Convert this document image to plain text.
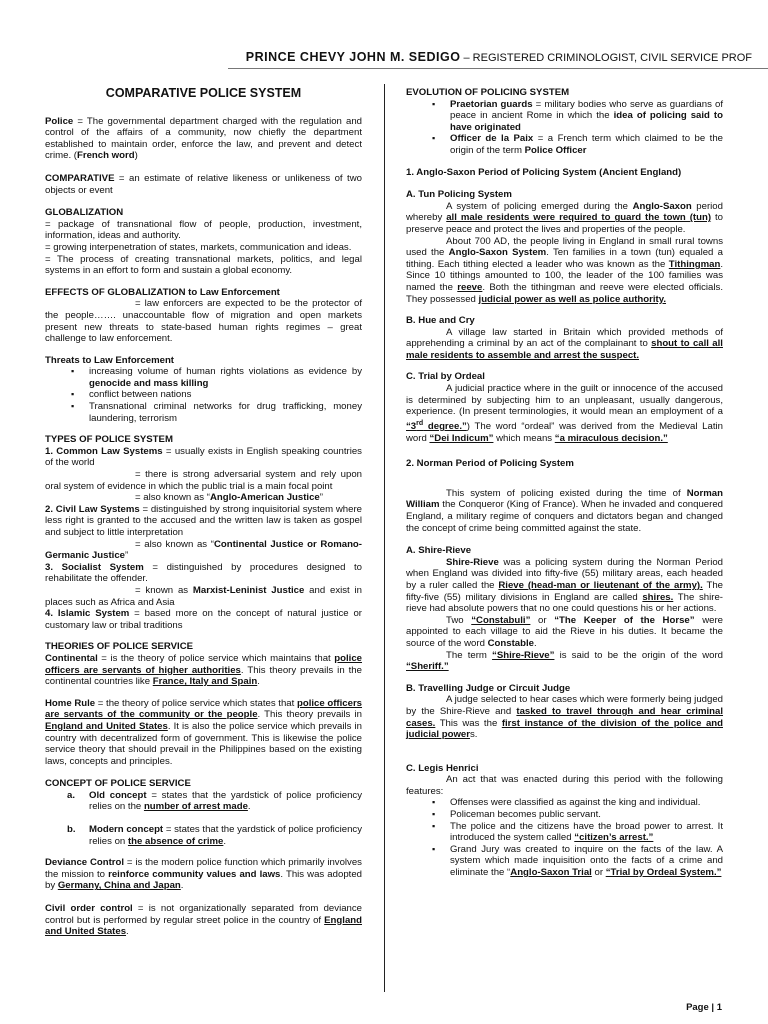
PRINCE CHEVY JOHN M. SEDIGO – REGISTERED CRIMINOLOGIST, CIVIL SERVICE PROF
COMPARATIVE POLICE SYSTEM

Police = The governmental department charged with the regulation and control of the affairs of a community, now chiefly the department established to maintain order, enforce the law, and prevent and detect crime. (French word)

COMPARATIVE = an estimate of relative likeness or unlikeness of two objects or event

GLOBALIZATION
= package of transnational flow of people, production, investment, information, ideas and authority.
= growing interpenetration of states, markets, communication and ideas.
= The process of creating transnational markets, politics, and legal systems in an effort to form and sustain a global economy.
EFFECTS OF GLOBALIZATION to Law Enforcement
= law enforcers are expected to be the protector of the people……. unaccountable flow of migration and open markets present new threats to state-based human rights regimes – great challenge to law enforcement.
Threats to Law Enforcement
▪ increasing volume of human rights violations as evidence by genocide and mass killing
▪ conflict between nations
▪ Transnational criminal networks for drug trafficking, money laundering, terrorism
TYPES OF POLICE SYSTEM
1. Common Law Systems = usually exists in English speaking countries of the world
= there is strong adversarial system and rely upon oral system of evidence in which the public trial is a main focal point
= also known as “Anglo-American Justice”
2. Civil Law Systems = distinguished by strong inquisitorial system where less right is granted to the accused and the written law is taken as gospel and subject to little interpretation
= also known as “Continental Justice or Romano-Germanic Justice”
3. Socialist System = distinguished by procedures designed to rehabilitate the offender.
= known as Marxist-Leninist Justice and exist in places such as Africa and Asia
4. Islamic System = based more on the concept of natural justice or customary law or tribal traditions
THEORIES OF POLICE SERVICE
Continental = is the theory of police service which maintains that police officers are servants of higher authorities. This theory prevails in the continental countries like France, Italy and Spain.

Home Rule = the theory of police service which states that police officers are servants of the community or the people. This theory prevails in England and United States. It is also the police service which prevails in country with decentralized form of government. This is likewise the police service theory that should prevail in the Philippines based on the existing laws, concepts and principles.

CONCEPT OF POLICE SERVICE
a. Old concept = states that the yardstick of police proficiency relies on the number of arrest made.
b. Modern concept = states that the yardstick of police proficiency relies on the absence of crime.

Deviance Control = is the modern police function which primarily involves the mission to reinforce community values and laws. This was adopted by Germany, China and Japan.

Civil order control = is not organizationally separated from deviance control but is performed by regular street police in the country of England and United States.

EVOLUTION OF POLICING SYSTEM
▪ Praetorian guards = military bodies who serve as guardians of peace in ancient Rome in which the idea of policing said to have originated
▪ Officer de la Paix = a French term which claimed to be the origin of the term Police Officer

1. Anglo-Saxon Period of Policing System (Ancient England)

A. Tun Policing System
A system of policing emerged during the Anglo-Saxon period whereby all male residents were required to guard the town (tun) to preserve peace and protect the lives and properties of the people.
About 700 AD, the people living in England in small rural towns used the Anglo-Saxon System. Ten families in a town (tun) equaled a tithing. Each tithing elected a leader who was known as the Tithingman. Since 10 tithings amounted to 100, the leader of the 100 families was named the reeve. Both the tithingman and reeve were elected officials. They possessed judicial power as well as police authority.
B. Hue and Cry
A village law started in Britain which provided methods of apprehending a criminal by an act of the complainant to shout to call all male residents to assemble and arrest the suspect.
C. Trial by Ordeal
A judicial practice where in the guilt or innocence of the accused is determined by subjecting him to an unpleasant, usually dangerous, experience. (In present terminologies, it would mean an employment of a “3rd degree.”) The word “ordeal” was derived from the Medieval Latin word “Dei Indicum” which means “a miraculous decision.”

2. Norman Period of Policing System

This system of policing existed during the time of Norman William the Conqueror (King of France). When he invaded and conquered England, a military regime of conquers and dictators began and changed the concept of crime being committed against the state.

A. Shire-Rieve
Shire-Rieve was a policing system during the Norman Period when England was divided into fifty-five (55) military areas, each headed by a ruler called the Rieve (head-man or lieutenant of the army). The fifty-five (55) military divisions in England are called shires. The shire-rieve had absolute powers that no one could questions his or her actions.
Two “Constabuli” or “The Keeper of the Horse” were appointed to each village to aid the Rieve in his duties. It became the source of the word Constable.
The term “Shire-Rieve” is said to be the origin of the word “Sheriff.”
B. Travelling Judge or Circuit Judge
A judge selected to hear cases which were formerly being judged by the Shire-Rieve and tasked to travel through and hear criminal cases. This was the first instance of the division of the police and judicial powers.
C. Legis Henrici
An act that was enacted during this period with the following features:
▪ Offenses were classified as against the king and individual.
▪ Policeman becomes public servant.
▪ The police and the citizens have the broad power to arrest. It introduced the system called “citizen’s arrest.”
▪ Grand Jury was created to inquire on the facts of the law. A system which made inquisition onto the facts of a crime and eliminate the “Anglo-Saxon Trial or “Trial by Ordeal System.”
Page | 1
